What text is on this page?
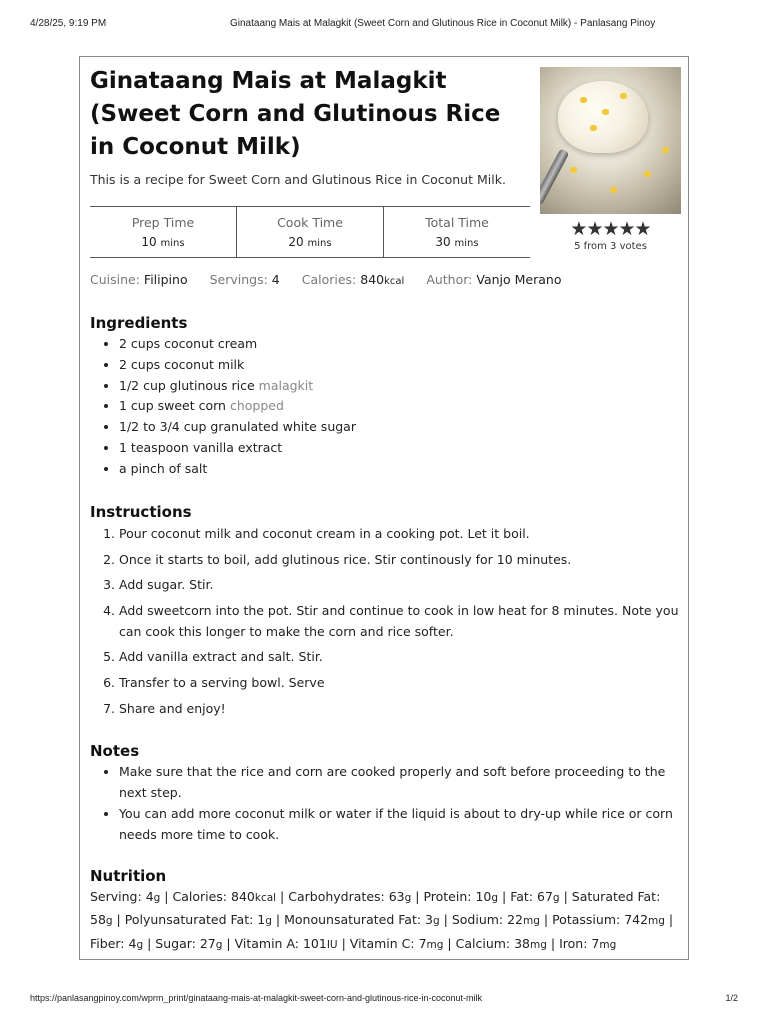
4/28/25, 9:19 PM	Ginataang Mais at Malagkit (Sweet Corn and Glutinous Rice in Coconut Milk) - Panlasang Pinoy
Ginataang Mais at Malagkit (Sweet Corn and Glutinous Rice in Coconut Milk)
This is a recipe for Sweet Corn and Glutinous Rice in Coconut Milk.
★★★★★
5 from 3 votes
Prep Time
10 mins
Cook Time
20 mins
Total Time
30 mins
Cuisine: Filipino Servings: 4 Calories: 840kcal Author: Vanjo Merano
Ingredients
• 2 cups coconut cream
• 2 cups coconut milk
• 1/2 cup glutinous rice malagkit
• 1 cup sweet corn chopped
• 1/2 to 3/4 cup granulated white sugar
• 1 teaspoon vanilla extract
• a pinch of salt
Instructions
1. Pour coconut milk and coconut cream in a cooking pot. Let it boil.
2. Once it starts to boil, add glutinous rice. Stir continously for 10 minutes.
3. Add sugar. Stir.
4. Add sweetcorn into the pot. Stir and continue to cook in low heat for 8 minutes. Note you can cook this longer to make the corn and rice softer.
5. Add vanilla extract and salt. Stir.
6. Transfer to a serving bowl. Serve
7. Share and enjoy!
Notes
• Make sure that the rice and corn are cooked properly and soft before proceeding to the next step.
• You can add more coconut milk or water if the liquid is about to dry-up while rice or corn needs more time to cook.
Nutrition
Serving: 4g | Calories: 840kcal | Carbohydrates: 63g | Protein: 10g | Fat: 67g | Saturated Fat: 58g | Polyunsaturated Fat: 1g | Monounsaturated Fat: 3g | Sodium: 22mg | Potassium: 742mg | Fiber: 4g | Sugar: 27g | Vitamin A: 101IU | Vitamin C: 7mg | Calcium: 38mg | Iron: 7mg
https://panlasangpinoy.com/wprm_print/ginataang-mais-at-malagkit-sweet-corn-and-glutinous-rice-in-coconut-milk	1/2
